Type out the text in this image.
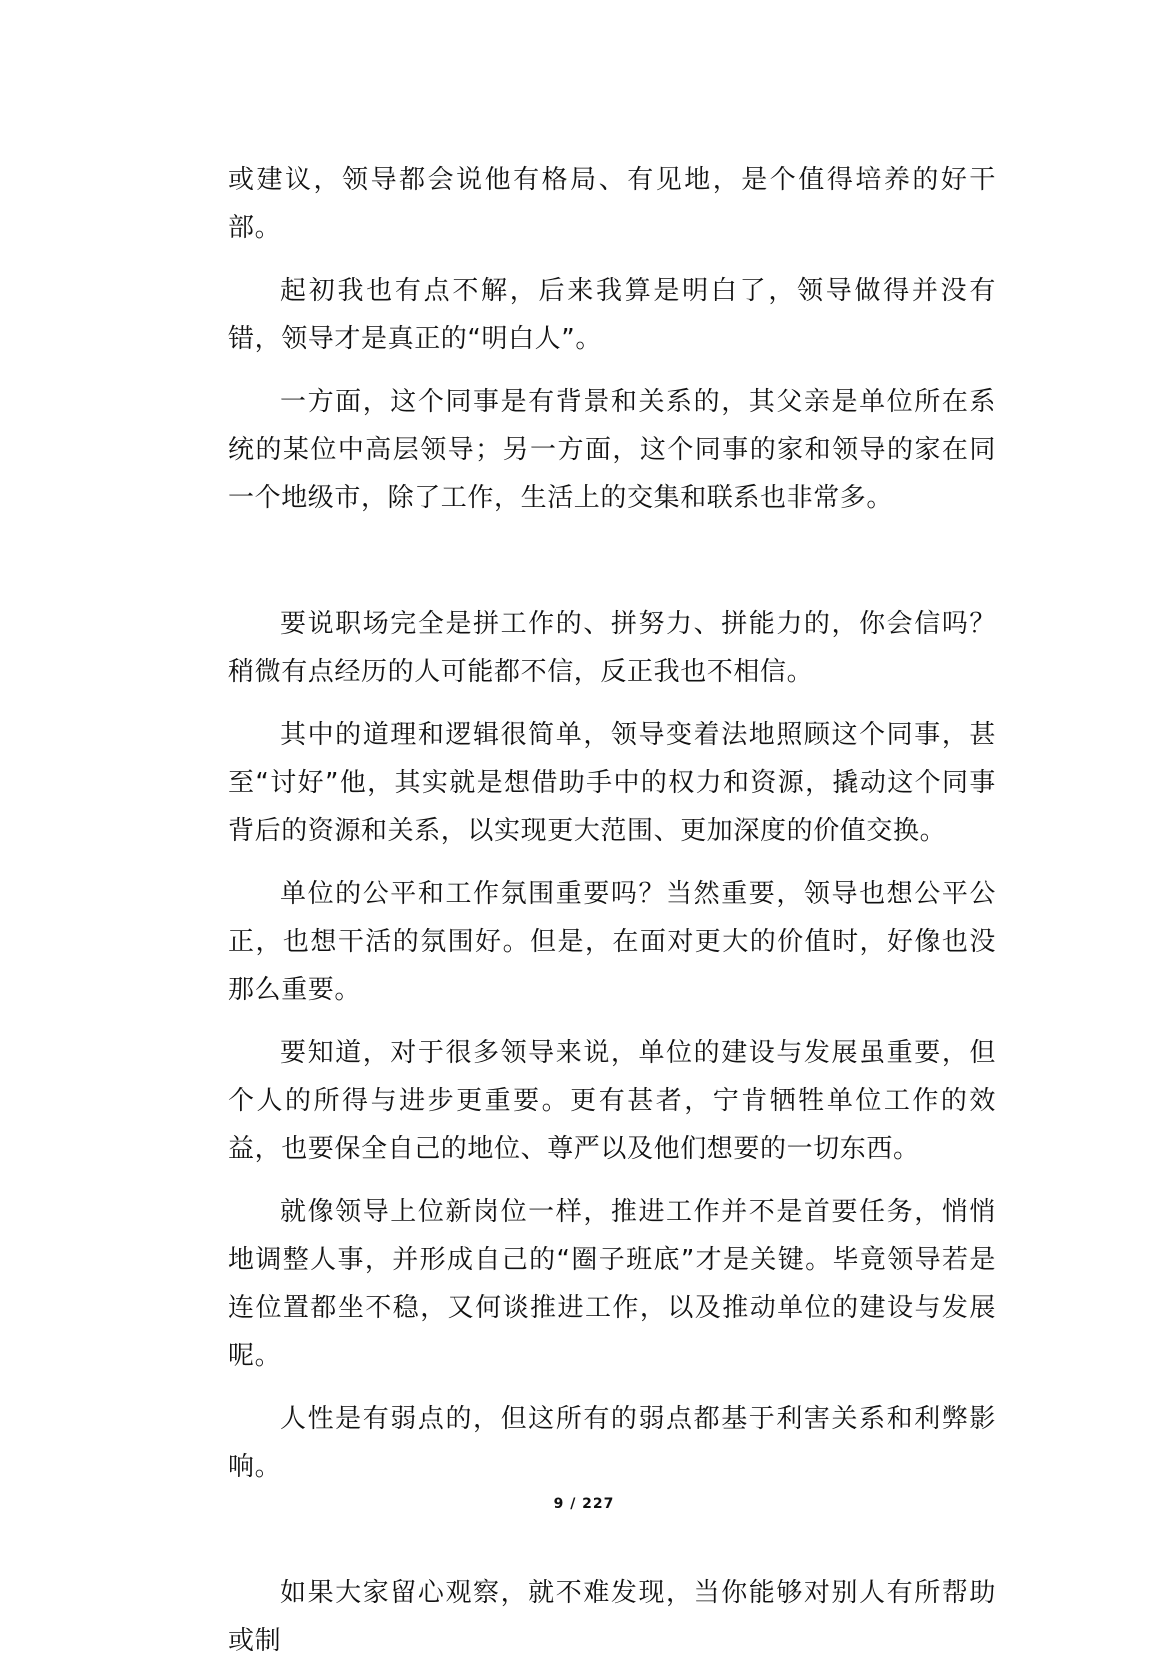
或建议，领导都会说他有格局、有见地，是个值得培养的好干部。

起初我也有点不解，后来我算是明白了，领导做得并没有错，领导才是真正的“明白人”。

一方面，这个同事是有背景和关系的，其父亲是单位所在系统的某位中高层领导；另一方面，这个同事的家和领导的家在同一个地级市，除了工作，生活上的交集和联系也非常多。

要说职场完全是拼工作的、拼努力、拼能力的，你会信吗？稍微有点经历的人可能都不信，反正我也不相信。

其中的道理和逻辑很简单，领导变着法地照顾这个同事，甚至“讨好”他，其实就是想借助手中的权力和资源，撬动这个同事背后的资源和关系，以实现更大范围、更加深度的价值交换。

单位的公平和工作氛围重要吗？当然重要，领导也想公平公正，也想干活的氛围好。但是，在面对更大的价值时，好像也没那么重要。

要知道，对于很多领导来说，单位的建设与发展虽重要，但个人的所得与进步更重要。更有甚者，宁肯牺牲单位工作的效益，也要保全自己的地位、尊严以及他们想要的一切东西。

就像领导上位新岗位一样，推进工作并不是首要任务，悄悄地调整人事，并形成自己的“圈子班底”才是关键。毕竟领导若是连位置都坐不稳，又何谈推进工作，以及推动单位的建设与发展呢。

人性是有弱点的，但这所有的弱点都基于利害关系和利弊影响。

如果大家留心观察，就不难发现，当你能够对别人有所帮助或制

9 / 227
